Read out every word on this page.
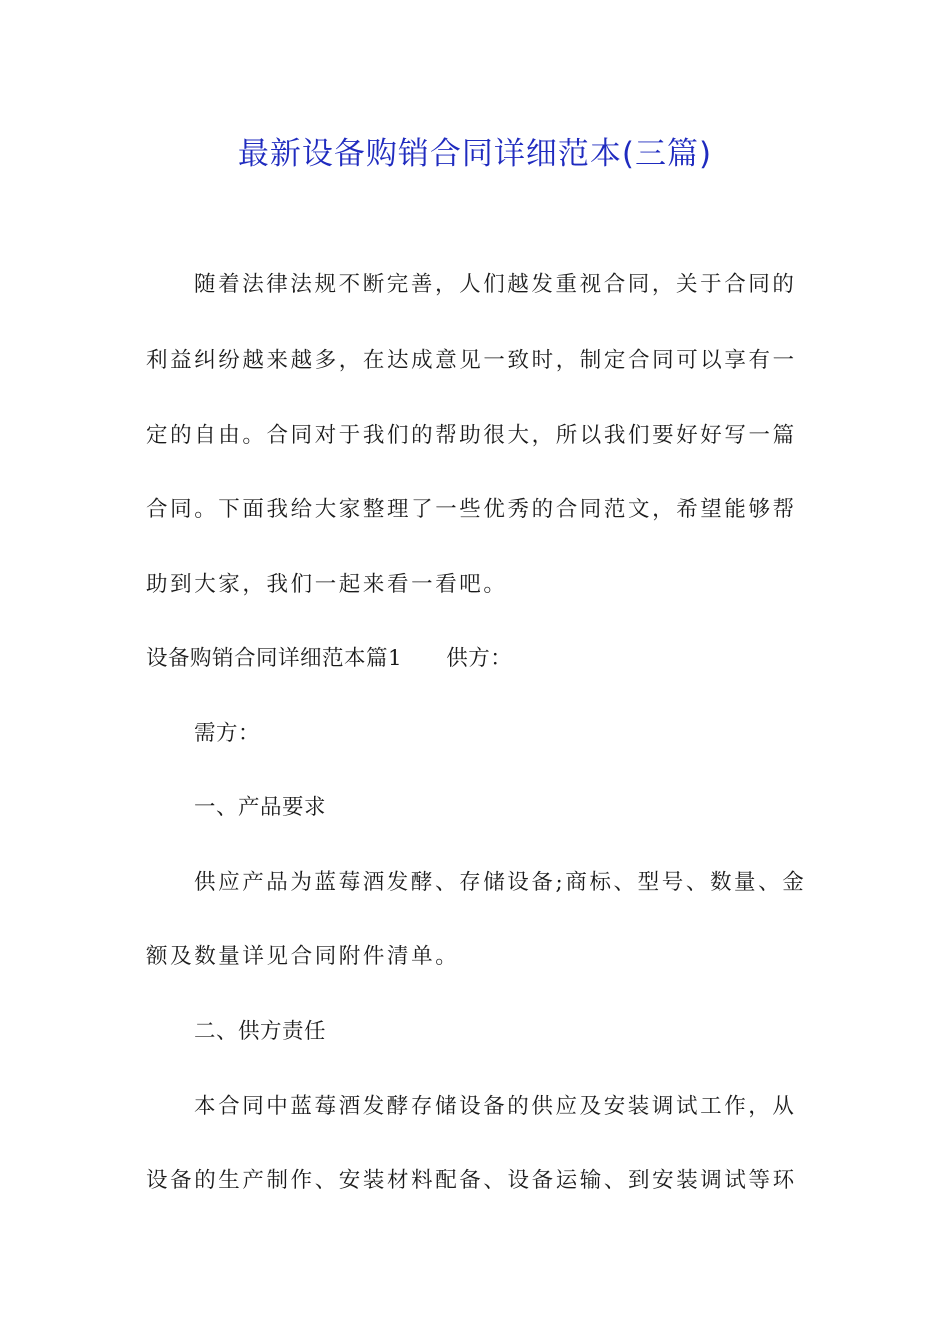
最新设备购销合同详细范本(三篇)
随着法律法规不断完善，人们越发重视合同，关于合同的
利益纠纷越来越多，在达成意见一致时，制定合同可以享有一
定的自由。合同对于我们的帮助很大，所以我们要好好写一篇
合同。下面我给大家整理了一些优秀的合同范文，希望能够帮
助到大家，我们一起来看一看吧。
设备购销合同详细范本篇1 供方：
需方：
一、产品要求
供应产品为蓝莓酒发酵、存储设备;商标、型号、数量、金
额及数量详见合同附件清单。
二、供方责任
本合同中蓝莓酒发酵存储设备的供应及安装调试工作，从
设备的生产制作、安装材料配备、设备运输、到安装调试等环
